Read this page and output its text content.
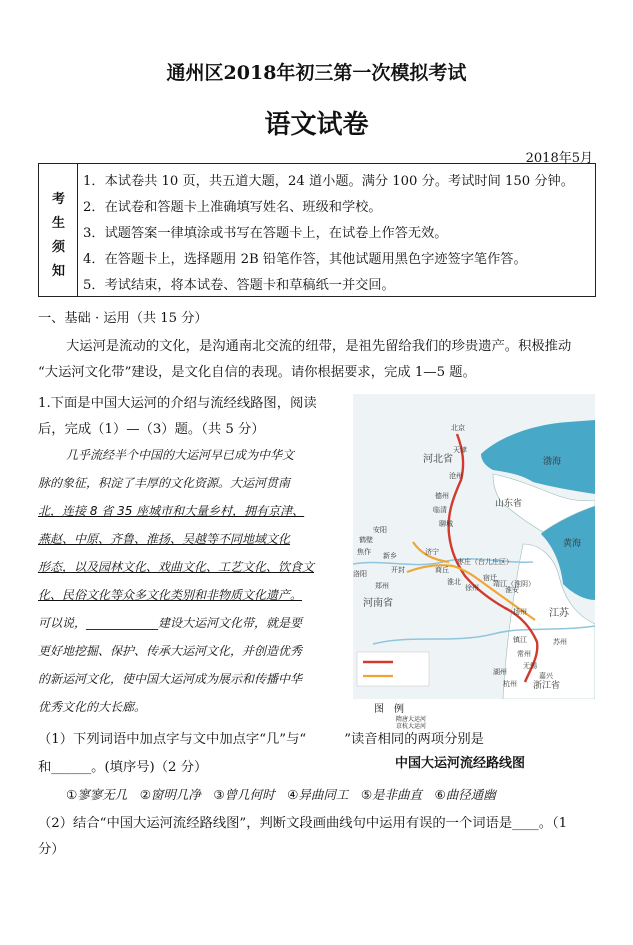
通州区2018年初三第一次模拟考试
语文试卷
2018年5月
考
生
须
知
1．本试卷共 10 页，共五道大题，24 道小题。满分 100 分。考试时间 150 分钟。
2．在试卷和答题卡上准确填写姓名、班级和学校。
3．试题答案一律填涂或书写在答题卡上，在试卷上作答无效。
4．在答题卡上，选择题用 2B 铅笔作答，其他试题用黑色字迹签字笔作答。
5．考试结束，将本试卷、答题卡和草稿纸一并交回。
一、基础 · 运用（共 15 分）
大运河是流动的文化，是沟通南北交流的纽带，是祖先留给我们的珍贵遗产。积极推动
“大运河文化带”建设，是文化自信的表现。请你根据要求，完成 1—5 题。
1.下面是中国大运河的介绍与流经线路图，阅读
后，完成（1）—（3）题。（共 5 分）
几乎流经半个中国的大运河早已成为中华文
脉的象征，积淀了丰厚的文化资源。大运河贯南
北，连接 8 省 35 座城市和大量乡村，拥有京津、
燕赵、中原、齐鲁、淮扬、吴越等不同地域文化
形态，以及园林文化、戏曲文化、工艺文化、饮食文
化、民俗文化等众多文化类别和非物质文化遗产。
可以说，____________建设大运河文化带，就是要
更好地挖掘、保护、传承大运河文化，并创造优秀
的新运河文化，使中国大运河成为展示和传播中华
优秀文化的大长廊。
河北省
山东省
河南省
江苏
浙江省
渤海
黄海
北京
天津
沧州
德州
临清
聊城
安阳
鹤壁
焦作 新乡	济宁
开封
洛阳
郑州
商丘
枣庄（台儿庄区）
宿迁
淮安
淮北
徐州 靖江（淮阴）
扬州
镇江
常州
无锡
苏州
嘉兴
湖州
杭州
图　例
隋唐大运河
京杭大运河
（1）下列词语中加点字与文中加点字“几”与“	”读音相同的两项分别是
和______。(填序号)（2 分）	中国大运河流经路线图
①寥寥无几　②窗明几净　③曾几何时　④异曲同工　⑤是非曲直　⑥曲径通幽
（2）结合“中国大运河流经路线图”，判断文段画曲线句中运用有误的一个词语是____。（1
分）
